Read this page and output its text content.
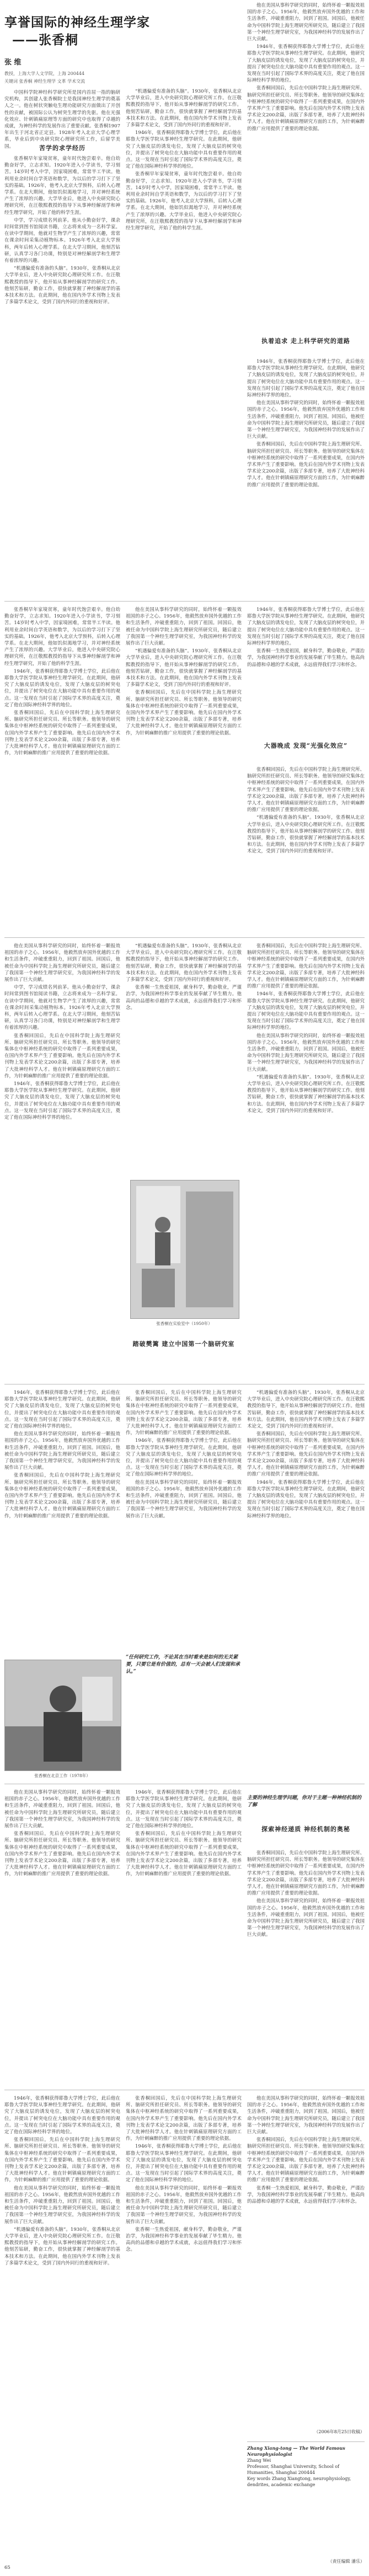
享誉国际的神经生理学家
——张香桐
张 维
教授，上海大学人文学院，上海 200444
关键词 张香桐 神经生理学 文革 学术交流

中国科学院神经科学研究所是国内首屈一指的脑研究机构，其创建人张香桐院士是我国神经生理学的奠基人之一。他在树状突触电生理功能研究方面做出了开创性的贡献，被国际公认为树突生理学的先驱。他在光强化效应、针刺镇痛原理等方面的研究中也取得了卓越的成就，为神经科学的发展作出了重要贡献。张香桐1907年出生于河北省正定县。1928年考入北京大学心理学系，毕业后到中央研究院心理研究所工作，后留学美国。	苦学的求学经历

张香桐早年家境贫寒，童年时代饱尝艰辛。他自幼勤奋好学，立志求知。1920年进入小学读书，学习刻苦。14岁时考入中学，因家境困难，常常半工半读。他利用业余时间自学英语和数学，为以后的学习打下了坚实的基础。1926年，他考入北京大学预科，后转入心理学系。在北大期间，他如饥似渴地学习，并对神经系统产生了浓厚的兴趣。大学毕业后，他进入中央研究院心理研究所，在汪敬熙教授的指导下从事神经解剖学和神经生理学研究，开始了他的科学生涯。

中学，学习成绩名列前茅。他从小勤奋好学，课余时间常到图书馆阅读书籍，立志将来成为一名科学家。在读中学期间，他就对生物学产生了浓厚的兴趣，常常在课余时间采集动植物标本。1926年考入北京大学预科，两年后转入心理学系。在北大学习期间，他刻苦钻研，认真学习各门功课，特别是对神经解剖学和生理学有着浓厚的兴趣。

“机遇偏爱有准备的头脑”。1930年，张香桐从北京大学毕业后，进入中央研究院心理研究所工作。在汪敬熙教授的指导下，他开始从事神经解剖学的研究工作。他刻苦钻研，勤奋工作，很快就掌握了神经解剖学的基本技术和方法。在此期间，他在国内外学术刊物上发表了多篇学术论文，受到了国内外同行的重视和好评。

“机遇偏爱有准备的头脑”。1930年，张香桐从北京大学毕业后，进入中央研究院心理研究所工作。在汪敬熙教授的指导下，他开始从事神经解剖学的研究工作。他刻苦钻研，勤奋工作，很快就掌握了神经解剖学的基本技术和方法。在此期间，他在国内外学术刊物上发表了多篇学术论文，受到了国内外同行的重视和好评。

1946年，张香桐获得耶鲁大学博士学位，此后他在耶鲁大学医学院从事神经生理学研究。在此期间，他研究了大脑皮层的诱发电位，发现了大脑皮层的树突电位，并提出了树突电位在大脑功能中具有重要作用的观点。这一发现在当时引起了国际学术界的高度关注，奠定了他在国际神经科学界的地位。

张香桐早年家境贫寒，童年时代饱尝艰辛。他自幼勤奋好学，立志求知。1920年进入小学读书，学习刻苦。14岁时考入中学，因家境困难，常常半工半读。他利用业余时间自学英语和数学，为以后的学习打下了坚实的基础。1926年，他考入北京大学预科，后转入心理学系。在北大期间，他如饥似渴地学习，并对神经系统产生了浓厚的兴趣。大学毕业后，他进入中央研究院心理研究所，在汪敬熙教授的指导下从事神经解剖学和神经生理学研究，开始了他的科学生涯。

他在美国从事科学研究的同时，始终怀着一颗报效祖国的赤子之心。1956年，他毅然放弃国外优越的工作和生活条件，冲破重重阻力，回到了祖国。回国后，他被任命为中国科学院上海生理研究所研究员，随后建立了我国第一个神经生理学研究室，为我国神经科学的发展作出了巨大贡献。

1946年，张香桐获得耶鲁大学博士学位，此后他在耶鲁大学医学院从事神经生理学研究。在此期间，他研究了大脑皮层的诱发电位，发现了大脑皮层的树突电位，并提出了树突电位在大脑功能中具有重要作用的观点。这一发现在当时引起了国际学术界的高度关注，奠定了他在国际神经科学界的地位。

张香桐回国后，先后在中国科学院上海生理研究所、脑研究所担任研究员、所长等职务。他领导的研究集体在中枢神经系统的研究中取得了一系列重要成果，在国内外学术界产生了重要影响。他先后在国内外学术刊物上发表学术论文200余篇，出版了多部专著，培养了大批神经科学人才。他在针刺镇痛原理研究方面的工作，为针刺麻醉的推广应用提供了重要的理论依据。

执着追求 走上科学研究的道路

1946年，张香桐获得耶鲁大学博士学位，此后他在耶鲁大学医学院从事神经生理学研究。在此期间，他研究了大脑皮层的诱发电位，发现了大脑皮层的树突电位，并提出了树突电位在大脑功能中具有重要作用的观点。这一发现在当时引起了国际学术界的高度关注，奠定了他在国际神经科学界的地位。

他在美国从事科学研究的同时，始终怀着一颗报效祖国的赤子之心。1956年，他毅然放弃国外优越的工作和生活条件，冲破重重阻力，回到了祖国。回国后，他被任命为中国科学院上海生理研究所研究员，随后建立了我国第一个神经生理学研究室，为我国神经科学的发展作出了巨大贡献。

张香桐回国后，先后在中国科学院上海生理研究所、脑研究所担任研究员、所长等职务。他领导的研究集体在中枢神经系统的研究中取得了一系列重要成果，在国内外学术界产生了重要影响。他先后在国内外学术刊物上发表学术论文200余篇，出版了多部专著，培养了大批神经科学人才。他在针刺镇痛原理研究方面的工作，为针刺麻醉的推广应用提供了重要的理论依据。

张香桐早年家境贫寒，童年时代饱尝艰辛。他自幼勤奋好学，立志求知。1920年进入小学读书，学习刻苦。14岁时考入中学，因家境困难，常常半工半读。他利用业余时间自学英语和数学，为以后的学习打下了坚实的基础。1926年，他考入北京大学预科，后转入心理学系。在北大期间，他如饥似渴地学习，并对神经系统产生了浓厚的兴趣。大学毕业后，他进入中央研究院心理研究所，在汪敬熙教授的指导下从事神经解剖学和神经生理学研究，开始了他的科学生涯。

1946年，张香桐获得耶鲁大学博士学位，此后他在耶鲁大学医学院从事神经生理学研究。在此期间，他研究了大脑皮层的诱发电位，发现了大脑皮层的树突电位，并提出了树突电位在大脑功能中具有重要作用的观点。这一发现在当时引起了国际学术界的高度关注，奠定了他在国际神经科学界的地位。

张香桐回国后，先后在中国科学院上海生理研究所、脑研究所担任研究员、所长等职务。他领导的研究集体在中枢神经系统的研究中取得了一系列重要成果，在国内外学术界产生了重要影响。他先后在国内外学术刊物上发表学术论文200余篇，出版了多部专著，培养了大批神经科学人才。他在针刺镇痛原理研究方面的工作，为针刺麻醉的推广应用提供了重要的理论依据。

他在美国从事科学研究的同时，始终怀着一颗报效祖国的赤子之心。1956年，他毅然放弃国外优越的工作和生活条件，冲破重重阻力，回到了祖国。回国后，他被任命为中国科学院上海生理研究所研究员，随后建立了我国第一个神经生理学研究室，为我国神经科学的发展作出了巨大贡献。

“机遇偏爱有准备的头脑”。1930年，张香桐从北京大学毕业后，进入中央研究院心理研究所工作。在汪敬熙教授的指导下，他开始从事神经解剖学的研究工作。他刻苦钻研，勤奋工作，很快就掌握了神经解剖学的基本技术和方法。在此期间，他在国内外学术刊物上发表了多篇学术论文，受到了国内外同行的重视和好评。

张香桐回国后，先后在中国科学院上海生理研究所、脑研究所担任研究员、所长等职务。他领导的研究集体在中枢神经系统的研究中取得了一系列重要成果，在国内外学术界产生了重要影响。他先后在国内外学术刊物上发表学术论文200余篇，出版了多部专著，培养了大批神经科学人才。他在针刺镇痛原理研究方面的工作，为针刺麻醉的推广应用提供了重要的理论依据。

1946年，张香桐获得耶鲁大学博士学位，此后他在耶鲁大学医学院从事神经生理学研究。在此期间，他研究了大脑皮层的诱发电位，发现了大脑皮层的树突电位，并提出了树突电位在大脑功能中具有重要作用的观点。这一发现在当时引起了国际学术界的高度关注，奠定了他在国际神经科学界的地位。

张香桐一生热爱祖国，献身科学，勤奋敬业，严谨治学，为我国神经科学事业的发展奉献了毕生精力。他高尚的品德和卓越的学术成就，永远值得我们学习和怀念。

大器晚成 发现“光强化效应”

张香桐回国后，先后在中国科学院上海生理研究所、脑研究所担任研究员、所长等职务。他领导的研究集体在中枢神经系统的研究中取得了一系列重要成果，在国内外学术界产生了重要影响。他先后在国内外学术刊物上发表学术论文200余篇，出版了多部专著，培养了大批神经科学人才。他在针刺镇痛原理研究方面的工作，为针刺麻醉的推广应用提供了重要的理论依据。

“机遇偏爱有准备的头脑”。1930年，张香桐从北京大学毕业后，进入中央研究院心理研究所工作。在汪敬熙教授的指导下，他开始从事神经解剖学的研究工作。他刻苦钻研，勤奋工作，很快就掌握了神经解剖学的基本技术和方法。在此期间，他在国内外学术刊物上发表了多篇学术论文，受到了国内外同行的重视和好评。

他在美国从事科学研究的同时，始终怀着一颗报效祖国的赤子之心。1956年，他毅然放弃国外优越的工作和生活条件，冲破重重阻力，回到了祖国。回国后，他被任命为中国科学院上海生理研究所研究员，随后建立了我国第一个神经生理学研究室，为我国神经科学的发展作出了巨大贡献。

中学，学习成绩名列前茅。他从小勤奋好学，课余时间常到图书馆阅读书籍，立志将来成为一名科学家。在读中学期间，他就对生物学产生了浓厚的兴趣，常常在课余时间采集动植物标本。1926年考入北京大学预科，两年后转入心理学系。在北大学习期间，他刻苦钻研，认真学习各门功课，特别是对神经解剖学和生理学有着浓厚的兴趣。

张香桐回国后，先后在中国科学院上海生理研究所、脑研究所担任研究员、所长等职务。他领导的研究集体在中枢神经系统的研究中取得了一系列重要成果，在国内外学术界产生了重要影响。他先后在国内外学术刊物上发表学术论文200余篇，出版了多部专著，培养了大批神经科学人才。他在针刺镇痛原理研究方面的工作，为针刺麻醉的推广应用提供了重要的理论依据。

1946年，张香桐获得耶鲁大学博士学位，此后他在耶鲁大学医学院从事神经生理学研究。在此期间，他研究了大脑皮层的诱发电位，发现了大脑皮层的树突电位，并提出了树突电位在大脑功能中具有重要作用的观点。这一发现在当时引起了国际学术界的高度关注，奠定了他在国际神经科学界的地位。

“机遇偏爱有准备的头脑”。1930年，张香桐从北京大学毕业后，进入中央研究院心理研究所工作。在汪敬熙教授的指导下，他开始从事神经解剖学的研究工作。他刻苦钻研，勤奋工作，很快就掌握了神经解剖学的基本技术和方法。在此期间，他在国内外学术刊物上发表了多篇学术论文，受到了国内外同行的重视和好评。

张香桐一生热爱祖国，献身科学，勤奋敬业，严谨治学，为我国神经科学事业的发展奉献了毕生精力。他高尚的品德和卓越的学术成就，永远值得我们学习和怀念。

张香桐在实验室中（1950年）
踏破樊篱 建立中国第一个脑研究室

张香桐回国后，先后在中国科学院上海生理研究所、脑研究所担任研究员、所长等职务。他领导的研究集体在中枢神经系统的研究中取得了一系列重要成果，在国内外学术界产生了重要影响。他先后在国内外学术刊物上发表学术论文200余篇，出版了多部专著，培养了大批神经科学人才。他在针刺镇痛原理研究方面的工作，为针刺麻醉的推广应用提供了重要的理论依据。

1946年，张香桐获得耶鲁大学博士学位，此后他在耶鲁大学医学院从事神经生理学研究。在此期间，他研究了大脑皮层的诱发电位，发现了大脑皮层的树突电位，并提出了树突电位在大脑功能中具有重要作用的观点。这一发现在当时引起了国际学术界的高度关注，奠定了他在国际神经科学界的地位。

他在美国从事科学研究的同时，始终怀着一颗报效祖国的赤子之心。1956年，他毅然放弃国外优越的工作和生活条件，冲破重重阻力，回到了祖国。回国后，他被任命为中国科学院上海生理研究所研究员，随后建立了我国第一个神经生理学研究室，为我国神经科学的发展作出了巨大贡献。

“机遇偏爱有准备的头脑”。1930年，张香桐从北京大学毕业后，进入中央研究院心理研究所工作。在汪敬熙教授的指导下，他开始从事神经解剖学的研究工作。他刻苦钻研，勤奋工作，很快就掌握了神经解剖学的基本技术和方法。在此期间，他在国内外学术刊物上发表了多篇学术论文，受到了国内外同行的重视和好评。

1946年，张香桐获得耶鲁大学博士学位，此后他在耶鲁大学医学院从事神经生理学研究。在此期间，他研究了大脑皮层的诱发电位，发现了大脑皮层的树突电位，并提出了树突电位在大脑功能中具有重要作用的观点。这一发现在当时引起了国际学术界的高度关注，奠定了他在国际神经科学界的地位。

他在美国从事科学研究的同时，始终怀着一颗报效祖国的赤子之心。1956年，他毅然放弃国外优越的工作和生活条件，冲破重重阻力，回到了祖国。回国后，他被任命为中国科学院上海生理研究所研究员，随后建立了我国第一个神经生理学研究室，为我国神经科学的发展作出了巨大贡献。

张香桐回国后，先后在中国科学院上海生理研究所、脑研究所担任研究员、所长等职务。他领导的研究集体在中枢神经系统的研究中取得了一系列重要成果，在国内外学术界产生了重要影响。他先后在国内外学术刊物上发表学术论文200余篇，出版了多部专著，培养了大批神经科学人才。他在针刺镇痛原理研究方面的工作，为针刺麻醉的推广应用提供了重要的理论依据。

张香桐在北京工作（1978年）

张香桐回国后，先后在中国科学院上海生理研究所、脑研究所担任研究员、所长等职务。他领导的研究集体在中枢神经系统的研究中取得了一系列重要成果，在国内外学术界产生了重要影响。他先后在国内外学术刊物上发表学术论文200余篇，出版了多部专著，培养了大批神经科学人才。他在针刺镇痛原理研究方面的工作，为针刺麻醉的推广应用提供了重要的理论依据。

1946年，张香桐获得耶鲁大学博士学位，此后他在耶鲁大学医学院从事神经生理学研究。在此期间，他研究了大脑皮层的诱发电位，发现了大脑皮层的树突电位，并提出了树突电位在大脑功能中具有重要作用的观点。这一发现在当时引起了国际学术界的高度关注，奠定了他在国际神经科学界的地位。

他在美国从事科学研究的同时，始终怀着一颗报效祖国的赤子之心。1956年，他毅然放弃国外优越的工作和生活条件，冲破重重阻力，回到了祖国。回国后，他被任命为中国科学院上海生理研究所研究员，随后建立了我国第一个神经生理学研究室，为我国神经科学的发展作出了巨大贡献。

“任何研究工作，不论其在当时看来是如何的无关紧要，只要它是有价值的，总有一天会被人们发现和承认。”

“机遇偏爱有准备的头脑”。1930年，张香桐从北京大学毕业后，进入中央研究院心理研究所工作。在汪敬熙教授的指导下，他开始从事神经解剖学的研究工作。他刻苦钻研，勤奋工作，很快就掌握了神经解剖学的基本技术和方法。在此期间，他在国内外学术刊物上发表了多篇学术论文，受到了国内外同行的重视和好评。

张香桐回国后，先后在中国科学院上海生理研究所、脑研究所担任研究员、所长等职务。他领导的研究集体在中枢神经系统的研究中取得了一系列重要成果，在国内外学术界产生了重要影响。他先后在国内外学术刊物上发表学术论文200余篇，出版了多部专著，培养了大批神经科学人才。他在针刺镇痛原理研究方面的工作，为针刺麻醉的推广应用提供了重要的理论依据。

1946年，张香桐获得耶鲁大学博士学位，此后他在耶鲁大学医学院从事神经生理学研究。在此期间，他研究了大脑皮层的诱发电位，发现了大脑皮层的树突电位，并提出了树突电位在大脑功能中具有重要作用的观点。这一发现在当时引起了国际学术界的高度关注，奠定了他在国际神经科学界的地位。

他在美国从事科学研究的同时，始终怀着一颗报效祖国的赤子之心。1956年，他毅然放弃国外优越的工作和生活条件，冲破重重阻力，回到了祖国。回国后，他被任命为中国科学院上海生理研究所研究员，随后建立了我国第一个神经生理学研究室，为我国神经科学的发展作出了巨大贡献。

张香桐回国后，先后在中国科学院上海生理研究所、脑研究所担任研究员、所长等职务。他领导的研究集体在中枢神经系统的研究中取得了一系列重要成果，在国内外学术界产生了重要影响。他先后在国内外学术刊物上发表学术论文200余篇，出版了多部专著，培养了大批神经科学人才。他在针刺镇痛原理研究方面的工作，为针刺麻醉的推广应用提供了重要的理论依据。

1946年，张香桐获得耶鲁大学博士学位，此后他在耶鲁大学医学院从事神经生理学研究。在此期间，他研究了大脑皮层的诱发电位，发现了大脑皮层的树突电位，并提出了树突电位在大脑功能中具有重要作用的观点。这一发现在当时引起了国际学术界的高度关注，奠定了他在国际神经科学界的地位。

张香桐回国后，先后在中国科学院上海生理研究所、脑研究所担任研究员、所长等职务。他领导的研究集体在中枢神经系统的研究中取得了一系列重要成果，在国内外学术界产生了重要影响。他先后在国内外学术刊物上发表学术论文200余篇，出版了多部专著，培养了大批神经科学人才。他在针刺镇痛原理研究方面的工作，为针刺麻醉的推广应用提供了重要的理论依据。

主要的神经生理学问题，你对于主题一种神经机制的了解
探索神经递质 神经机制的奥秘

张香桐回国后，先后在中国科学院上海生理研究所、脑研究所担任研究员、所长等职务。他领导的研究集体在中枢神经系统的研究中取得了一系列重要成果，在国内外学术界产生了重要影响。他先后在国内外学术刊物上发表学术论文200余篇，出版了多部专著，培养了大批神经科学人才。他在针刺镇痛原理研究方面的工作，为针刺麻醉的推广应用提供了重要的理论依据。

他在美国从事科学研究的同时，始终怀着一颗报效祖国的赤子之心。1956年，他毅然放弃国外优越的工作和生活条件，冲破重重阻力，回到了祖国。回国后，他被任命为中国科学院上海生理研究所研究员，随后建立了我国第一个神经生理学研究室，为我国神经科学的发展作出了巨大贡献。

1946年，张香桐获得耶鲁大学博士学位，此后他在耶鲁大学医学院从事神经生理学研究。在此期间，他研究了大脑皮层的诱发电位，发现了大脑皮层的树突电位，并提出了树突电位在大脑功能中具有重要作用的观点。这一发现在当时引起了国际学术界的高度关注，奠定了他在国际神经科学界的地位。

张香桐回国后，先后在中国科学院上海生理研究所、脑研究所担任研究员、所长等职务。他领导的研究集体在中枢神经系统的研究中取得了一系列重要成果，在国内外学术界产生了重要影响。他先后在国内外学术刊物上发表学术论文200余篇，出版了多部专著，培养了大批神经科学人才。他在针刺镇痛原理研究方面的工作，为针刺麻醉的推广应用提供了重要的理论依据。

他在美国从事科学研究的同时，始终怀着一颗报效祖国的赤子之心。1956年，他毅然放弃国外优越的工作和生活条件，冲破重重阻力，回到了祖国。回国后，他被任命为中国科学院上海生理研究所研究员，随后建立了我国第一个神经生理学研究室，为我国神经科学的发展作出了巨大贡献。

“机遇偏爱有准备的头脑”。1930年，张香桐从北京大学毕业后，进入中央研究院心理研究所工作。在汪敬熙教授的指导下，他开始从事神经解剖学的研究工作。他刻苦钻研，勤奋工作，很快就掌握了神经解剖学的基本技术和方法。在此期间，他在国内外学术刊物上发表了多篇学术论文，受到了国内外同行的重视和好评。

张香桐回国后，先后在中国科学院上海生理研究所、脑研究所担任研究员、所长等职务。他领导的研究集体在中枢神经系统的研究中取得了一系列重要成果，在国内外学术界产生了重要影响。他先后在国内外学术刊物上发表学术论文200余篇，出版了多部专著，培养了大批神经科学人才。他在针刺镇痛原理研究方面的工作，为针刺麻醉的推广应用提供了重要的理论依据。

1946年，张香桐获得耶鲁大学博士学位，此后他在耶鲁大学医学院从事神经生理学研究。在此期间，他研究了大脑皮层的诱发电位，发现了大脑皮层的树突电位，并提出了树突电位在大脑功能中具有重要作用的观点。这一发现在当时引起了国际学术界的高度关注，奠定了他在国际神经科学界的地位。

他在美国从事科学研究的同时，始终怀着一颗报效祖国的赤子之心。1956年，他毅然放弃国外优越的工作和生活条件，冲破重重阻力，回到了祖国。回国后，他被任命为中国科学院上海生理研究所研究员，随后建立了我国第一个神经生理学研究室，为我国神经科学的发展作出了巨大贡献。

张香桐一生热爱祖国，献身科学，勤奋敬业，严谨治学，为我国神经科学事业的发展奉献了毕生精力。他高尚的品德和卓越的学术成就，永远值得我们学习和怀念。

他在美国从事科学研究的同时，始终怀着一颗报效祖国的赤子之心。1956年，他毅然放弃国外优越的工作和生活条件，冲破重重阻力，回到了祖国。回国后，他被任命为中国科学院上海生理研究所研究员，随后建立了我国第一个神经生理学研究室，为我国神经科学的发展作出了巨大贡献。

张香桐回国后，先后在中国科学院上海生理研究所、脑研究所担任研究员、所长等职务。他领导的研究集体在中枢神经系统的研究中取得了一系列重要成果，在国内外学术界产生了重要影响。他先后在国内外学术刊物上发表学术论文200余篇，出版了多部专著，培养了大批神经科学人才。他在针刺镇痛原理研究方面的工作，为针刺麻醉的推广应用提供了重要的理论依据。

张香桐一生热爱祖国，献身科学，勤奋敬业，严谨治学，为我国神经科学事业的发展奉献了毕生精力。他高尚的品德和卓越的学术成就，永远值得我们学习和怀念。

（2006年8月25日收稿）
Zhang Xiang-tong — The World Famous Neurophysiologist
Zhang Wei
Professor, Shanghai University, School of Humanities, Shanghai 200444
Key words Zhang Xiangtong, neurophysiology, dendrites, academic exchange
（责任编辑 潘乐）
65
